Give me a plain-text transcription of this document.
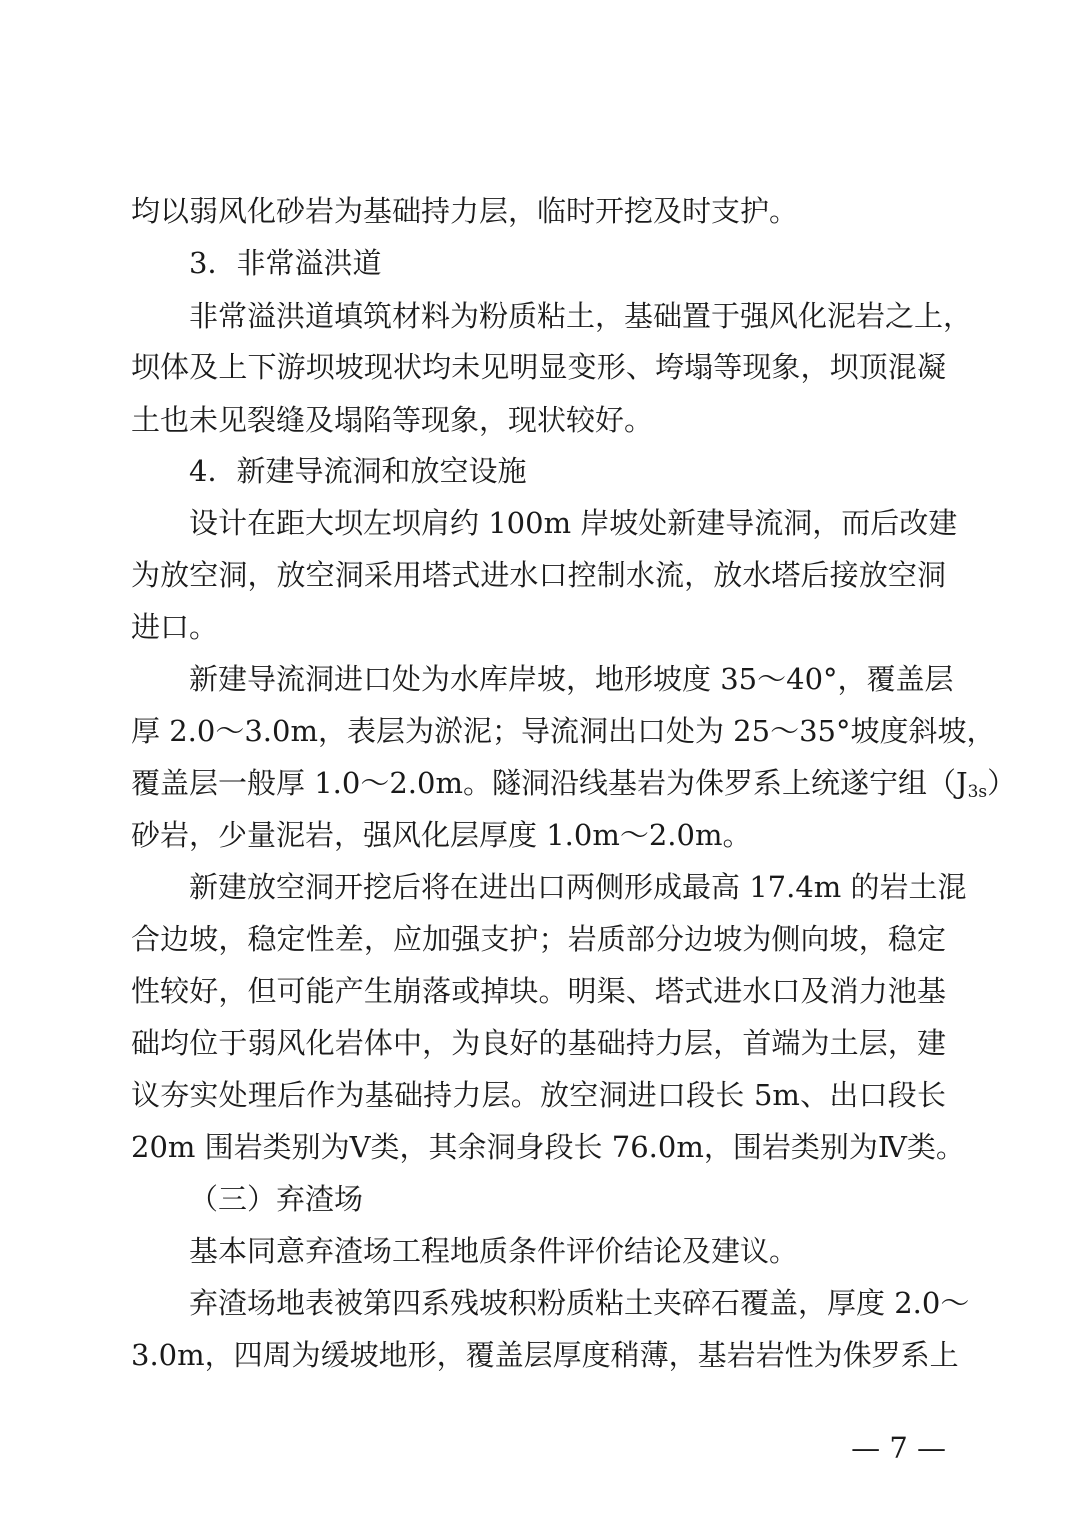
均以弱风化砂岩为基础持力层，临时开挖及时支护。
3．非常溢洪道
非常溢洪道填筑材料为粉质粘土，基础置于强风化泥岩之上，
坝体及上下游坝坡现状均未见明显变形、垮塌等现象，坝顶混凝
土也未见裂缝及塌陷等现象，现状较好。
4．新建导流洞和放空设施
设计在距大坝左坝肩约 100m 岸坡处新建导流洞，而后改建
为放空洞，放空洞采用塔式进水口控制水流，放水塔后接放空洞
进口。
新建导流洞进口处为水库岸坡，地形坡度 35～40°，覆盖层
厚 2.0～3.0m，表层为淤泥；导流洞出口处为 25～35°坡度斜坡，
覆盖层一般厚 1.0～2.0m。隧洞沿线基岩为侏罗系上统遂宁组$(J_{3s})$
砂岩，少量泥岩，强风化层厚度 1.0m～2.0m。
新建放空洞开挖后将在进出口两侧形成最高 17.4m 的岩土混
合边坡，稳定性差，应加强支护；岩质部分边坡为侧向坡，稳定
性较好，但可能产生崩落或掉块。明渠、塔式进水口及消力池基
础均位于弱风化岩体中，为良好的基础持力层，首端为土层，建
议夯实处理后作为基础持力层。放空洞进口段长 5m、出口段长
20m 围岩类别为Ⅴ类，其余洞身段长 76.0m，围岩类别为Ⅳ类。
（三）弃渣场
基本同意弃渣场工程地质条件评价结论及建议。
弃渣场地表被第四系残坡积粉质粘土夹碎石覆盖，厚度 2.0～
3.0m，四周为缓坡地形，覆盖层厚度稍薄，基岩岩性为侏罗系上
— 7 —
